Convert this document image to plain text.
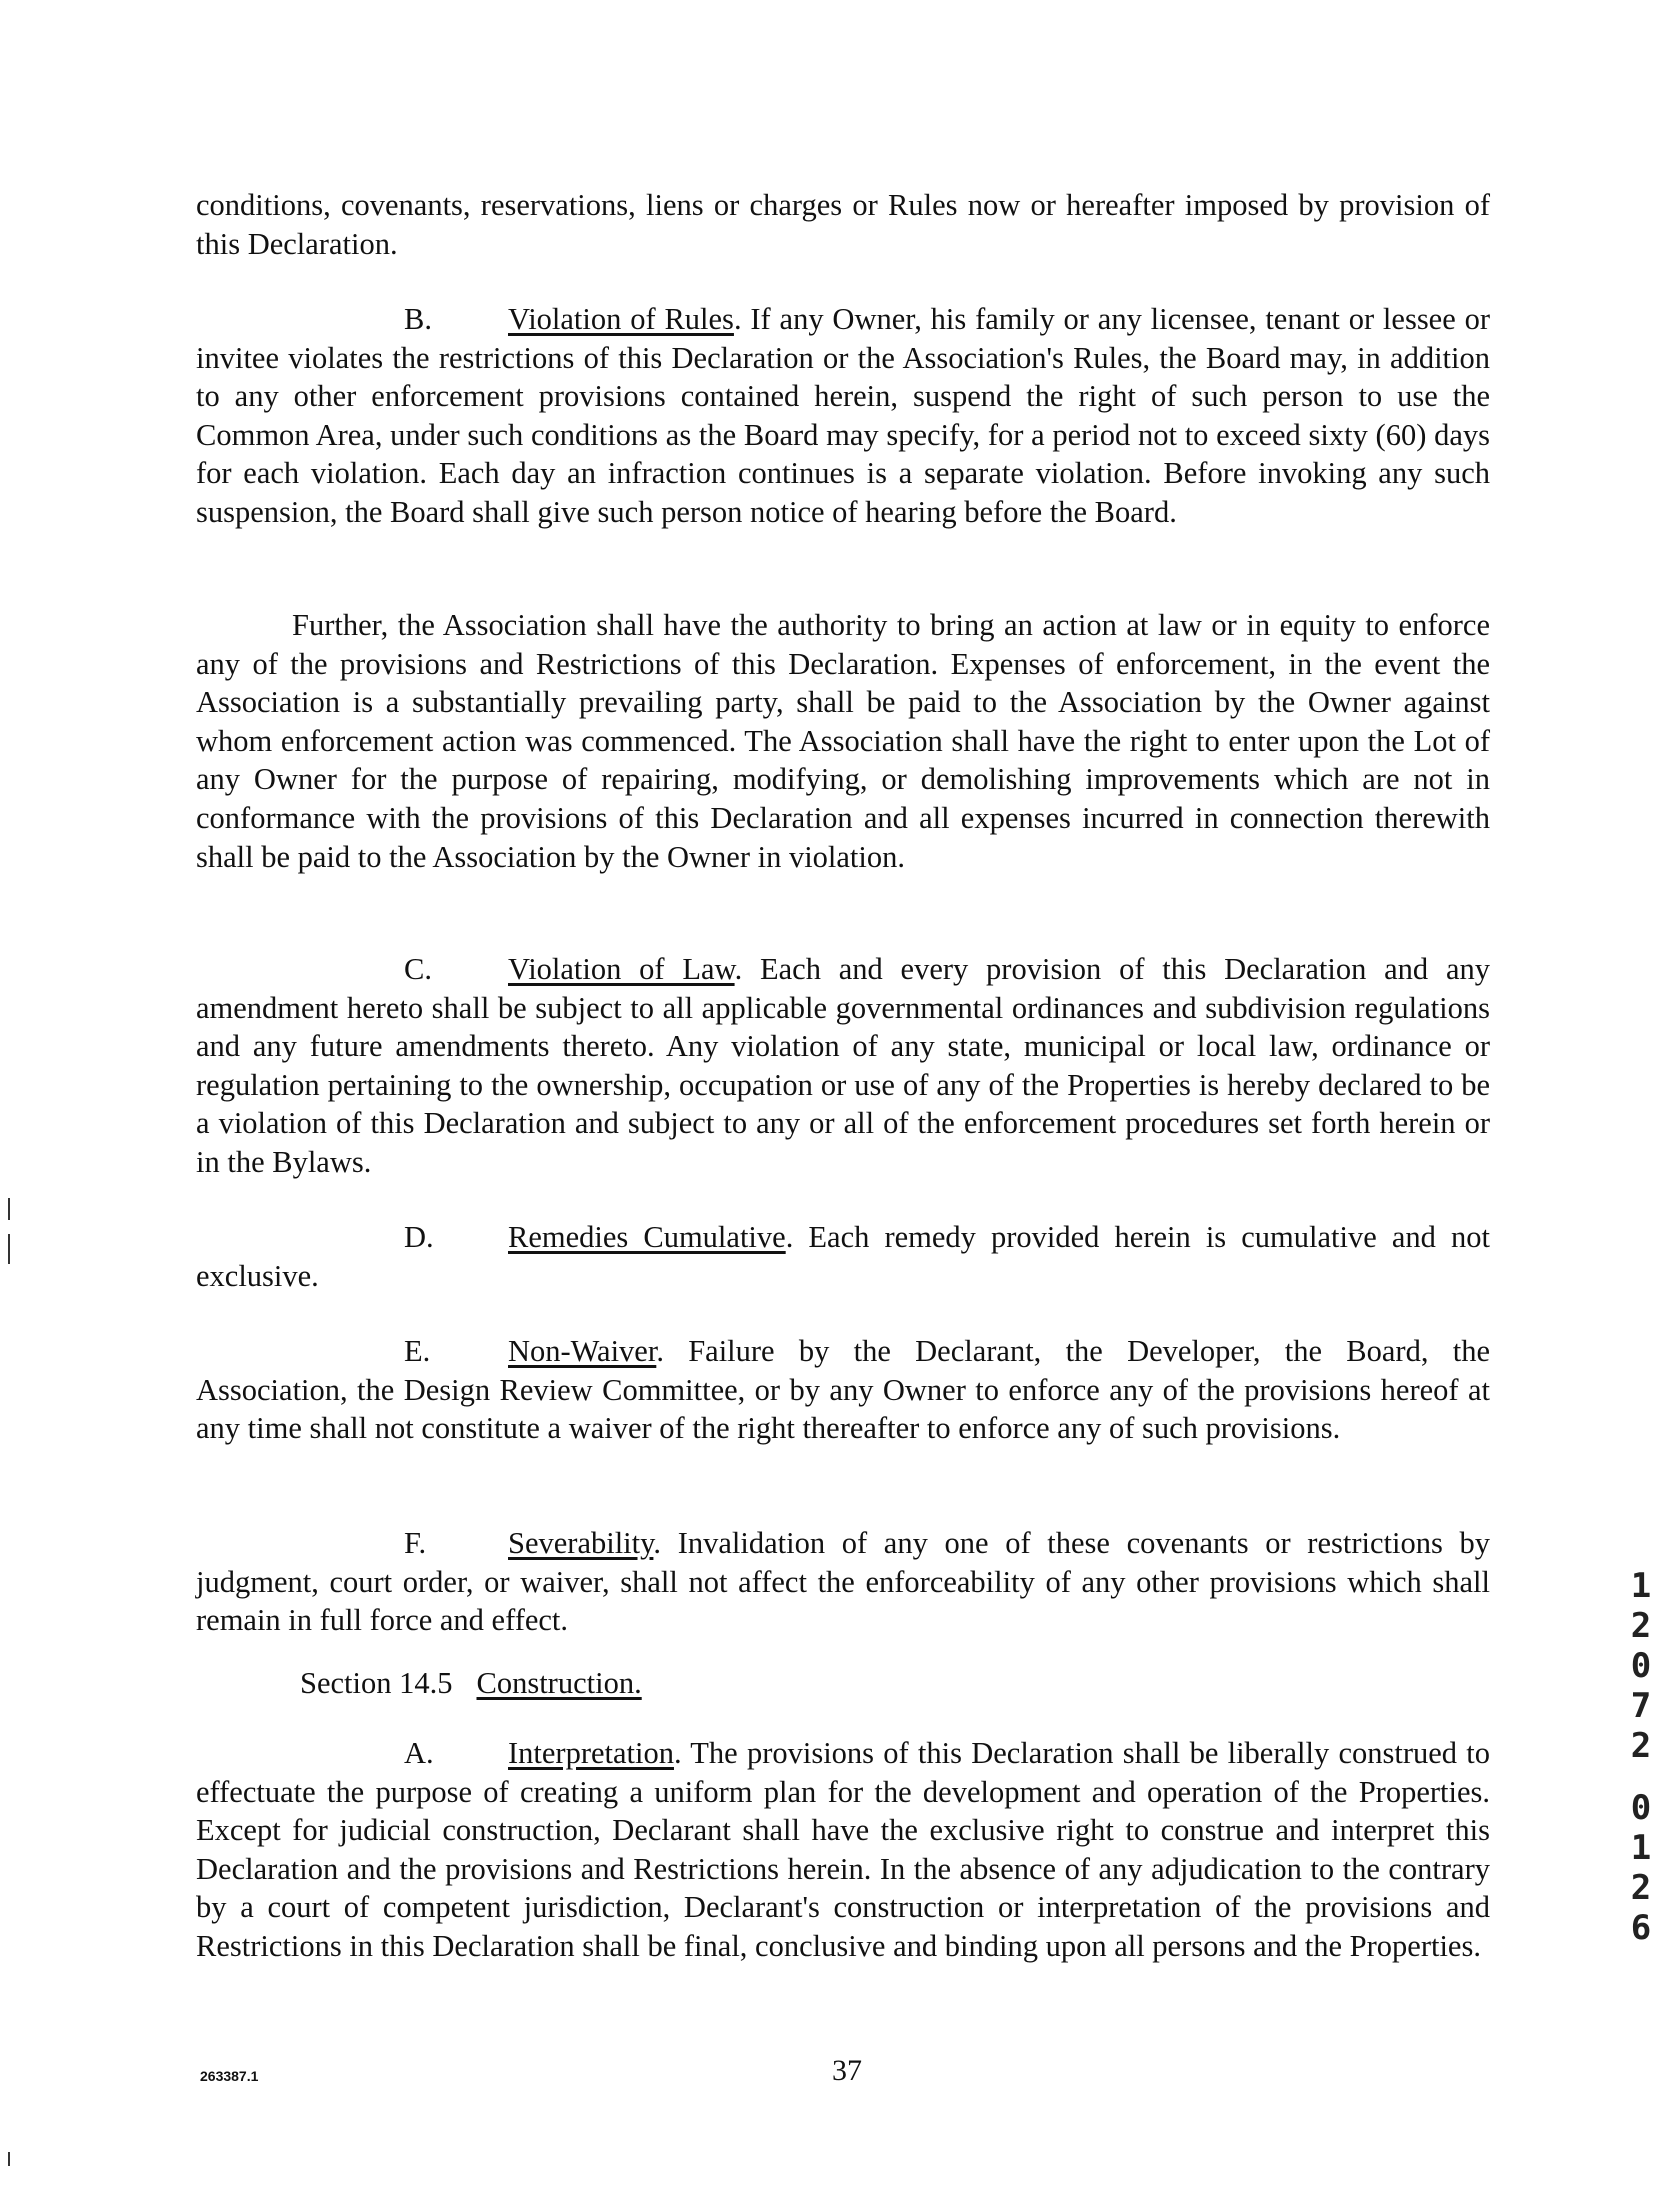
conditions, covenants, reservations, liens or charges or Rules now or hereafter imposed by provision of this Declaration.

B. Violation of Rules. If any Owner, his family or any licensee, tenant or lessee or invitee violates the restrictions of this Declaration or the Association's Rules, the Board may, in addition to any other enforcement provisions contained herein, suspend the right of such person to use the Common Area, under such conditions as the Board may specify, for a period not to exceed sixty (60) days for each violation. Each day an infraction continues is a separate violation. Before invoking any such suspension, the Board shall give such person notice of hearing before the Board.

Further, the Association shall have the authority to bring an action at law or in equity to enforce any of the provisions and Restrictions of this Declaration. Expenses of enforcement, in the event the Association is a substantially prevailing party, shall be paid to the Association by the Owner against whom enforcement action was commenced. The Association shall have the right to enter upon the Lot of any Owner for the purpose of repairing, modifying, or demolishing improvements which are not in conformance with the provisions of this Declaration and all expenses incurred in connection therewith shall be paid to the Association by the Owner in violation.

C. Violation of Law. Each and every provision of this Declaration and any amendment hereto shall be subject to all applicable governmental ordinances and subdivision regulations and any future amendments thereto. Any violation of any state, municipal or local law, ordinance or regulation pertaining to the ownership, occupation or use of any of the Properties is hereby declared to be a violation of this Declaration and subject to any or all of the enforcement procedures set forth herein or in the Bylaws.

D. Remedies Cumulative. Each remedy provided herein is cumulative and not exclusive.

E.	Non-Waiver. Failure by the Declarant, the Developer, the Board, the Association, the Design Review Committee, or by any Owner to enforce any of the provisions hereof at any time shall not constitute a waiver of the right thereafter to enforce any of such provisions.

F.	Severability. Invalidation of any one of these covenants or restrictions by judgment, court order, or waiver, shall not affect the enforceability of any other provisions which shall remain in full force and effect.

Section 14.5 Construction.

A. Interpretation. The provisions of this Declaration shall be liberally construed to effectuate the purpose of creating a uniform plan for the development and operation of the Properties. Except for judicial construction, Declarant shall have the exclusive right to construe and interpret this Declaration and the provisions and Restrictions herein. In the absence of any adjudication to the contrary by a court of competent jurisdiction, Declarant's construction or interpretation of the provisions and Restrictions in this Declaration shall be final, conclusive and binding upon all persons and the Properties.

263387.1	37
1
2
0
7
2
0
1
2
6
